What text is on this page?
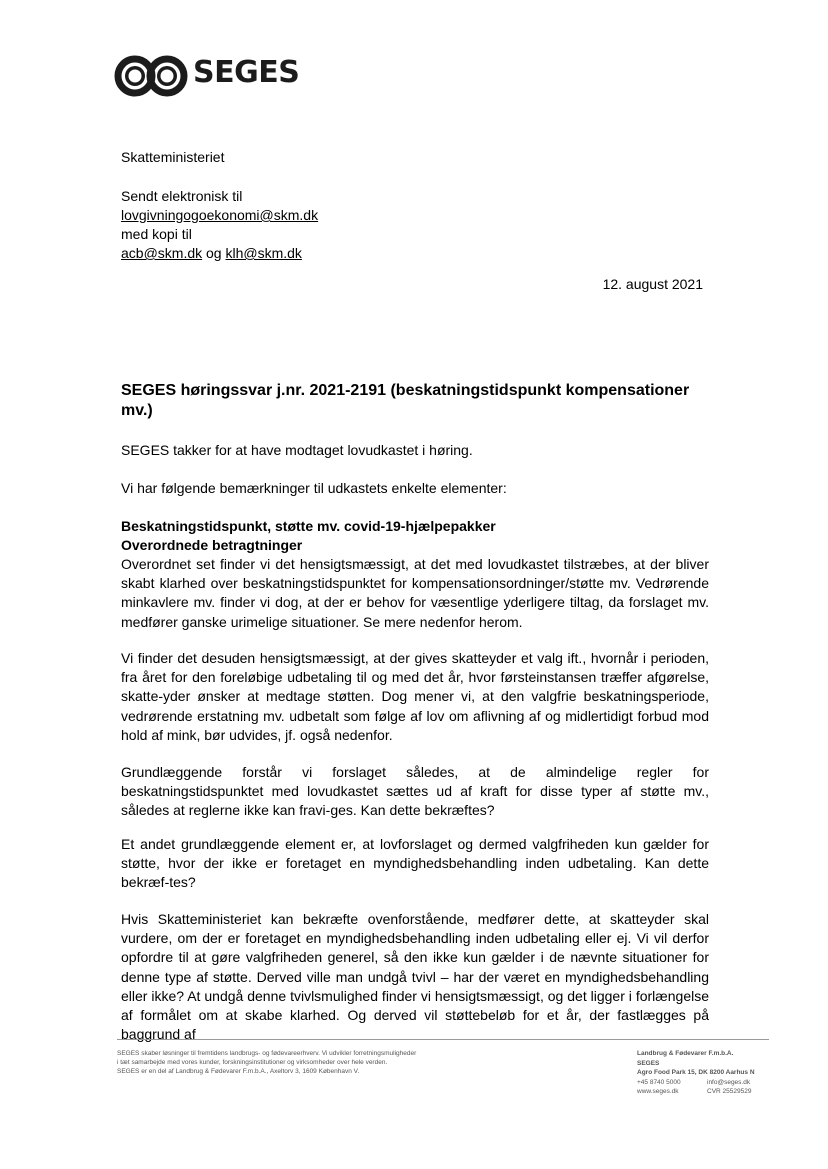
SEGES
Skatteministeriet
Sendt elektronisk til
lovgivningogoekonomi@skm.dk
med kopi til
acb@skm.dk og klh@skm.dk
12. august 2021
SEGES høringssvar j.nr. 2021-2191 (beskatningstidspunkt kompensationer mv.)
SEGES takker for at have modtaget lovudkastet i høring.
Vi har følgende bemærkninger til udkastets enkelte elementer:
Beskatningstidspunkt, støtte mv. covid-19-hjælpepakker
Overordnede betragtninger
Overordnet set finder vi det hensigtsmæssigt, at det med lovudkastet tilstræbes, at der bliver skabt klarhed over beskatningstidspunktet for kompensationsordninger/støtte mv. Vedrørende minkavlere mv. finder vi dog, at der er behov for væsentlige yderligere tiltag, da forslaget mv. medfører ganske urimelige situationer. Se mere nedenfor herom.
Vi finder det desuden hensigtsmæssigt, at der gives skatteyder et valg ift., hvornår i perioden, fra året for den foreløbige udbetaling til og med det år, hvor førsteinstansen træffer afgørelse, skatte-yder ønsker at medtage støtten. Dog mener vi, at den valgfrie beskatningsperiode, vedrørende erstatning mv. udbetalt som følge af lov om aflivning af og midlertidigt forbud mod hold af mink, bør udvides, jf. også nedenfor.
Grundlæggende forstår vi forslaget således, at de almindelige regler for beskatningstidspunktet med lovudkastet sættes ud af kraft for disse typer af støtte mv., således at reglerne ikke kan fravi-ges. Kan dette bekræftes?
Et andet grundlæggende element er, at lovforslaget og dermed valgfriheden kun gælder for støtte, hvor der ikke er foretaget en myndighedsbehandling inden udbetaling. Kan dette bekræf-tes?
Hvis Skatteministeriet kan bekræfte ovenforstående, medfører dette, at skatteyder skal vurdere, om der er foretaget en myndighedsbehandling inden udbetaling eller ej. Vi vil derfor opfordre til at gøre valgfriheden generel, så den ikke kun gælder i de nævnte situationer for denne type af støtte. Derved ville man undgå tvivl – har der været en myndighedsbehandling eller ikke? At undgå denne tvivlsmulighed finder vi hensigtsmæssigt, og det ligger i forlængelse af formålet om at skabe klarhed. Og derved vil støttebeløb for et år, der fastlægges på baggrund af
SEGES skaber løsninger til fremtidens landbrugs- og fødevareerhverv. Vi udvikler forretningsmuligheder
i tæt samarbejde med vores kunder, forskningsinstitutioner og virksomheder over hele verden.
SEGES er en del af Landbrug & Fødevarer F.m.b.A., Axeltorv 3, 1609 København V.
Landbrug & Fødevarer F.m.b.A.
SEGES
Agro Food Park 15, DK 8200 Aarhus N
+45 8740 5000	info@seges.dk
www.seges.dk	CVR 25529529
